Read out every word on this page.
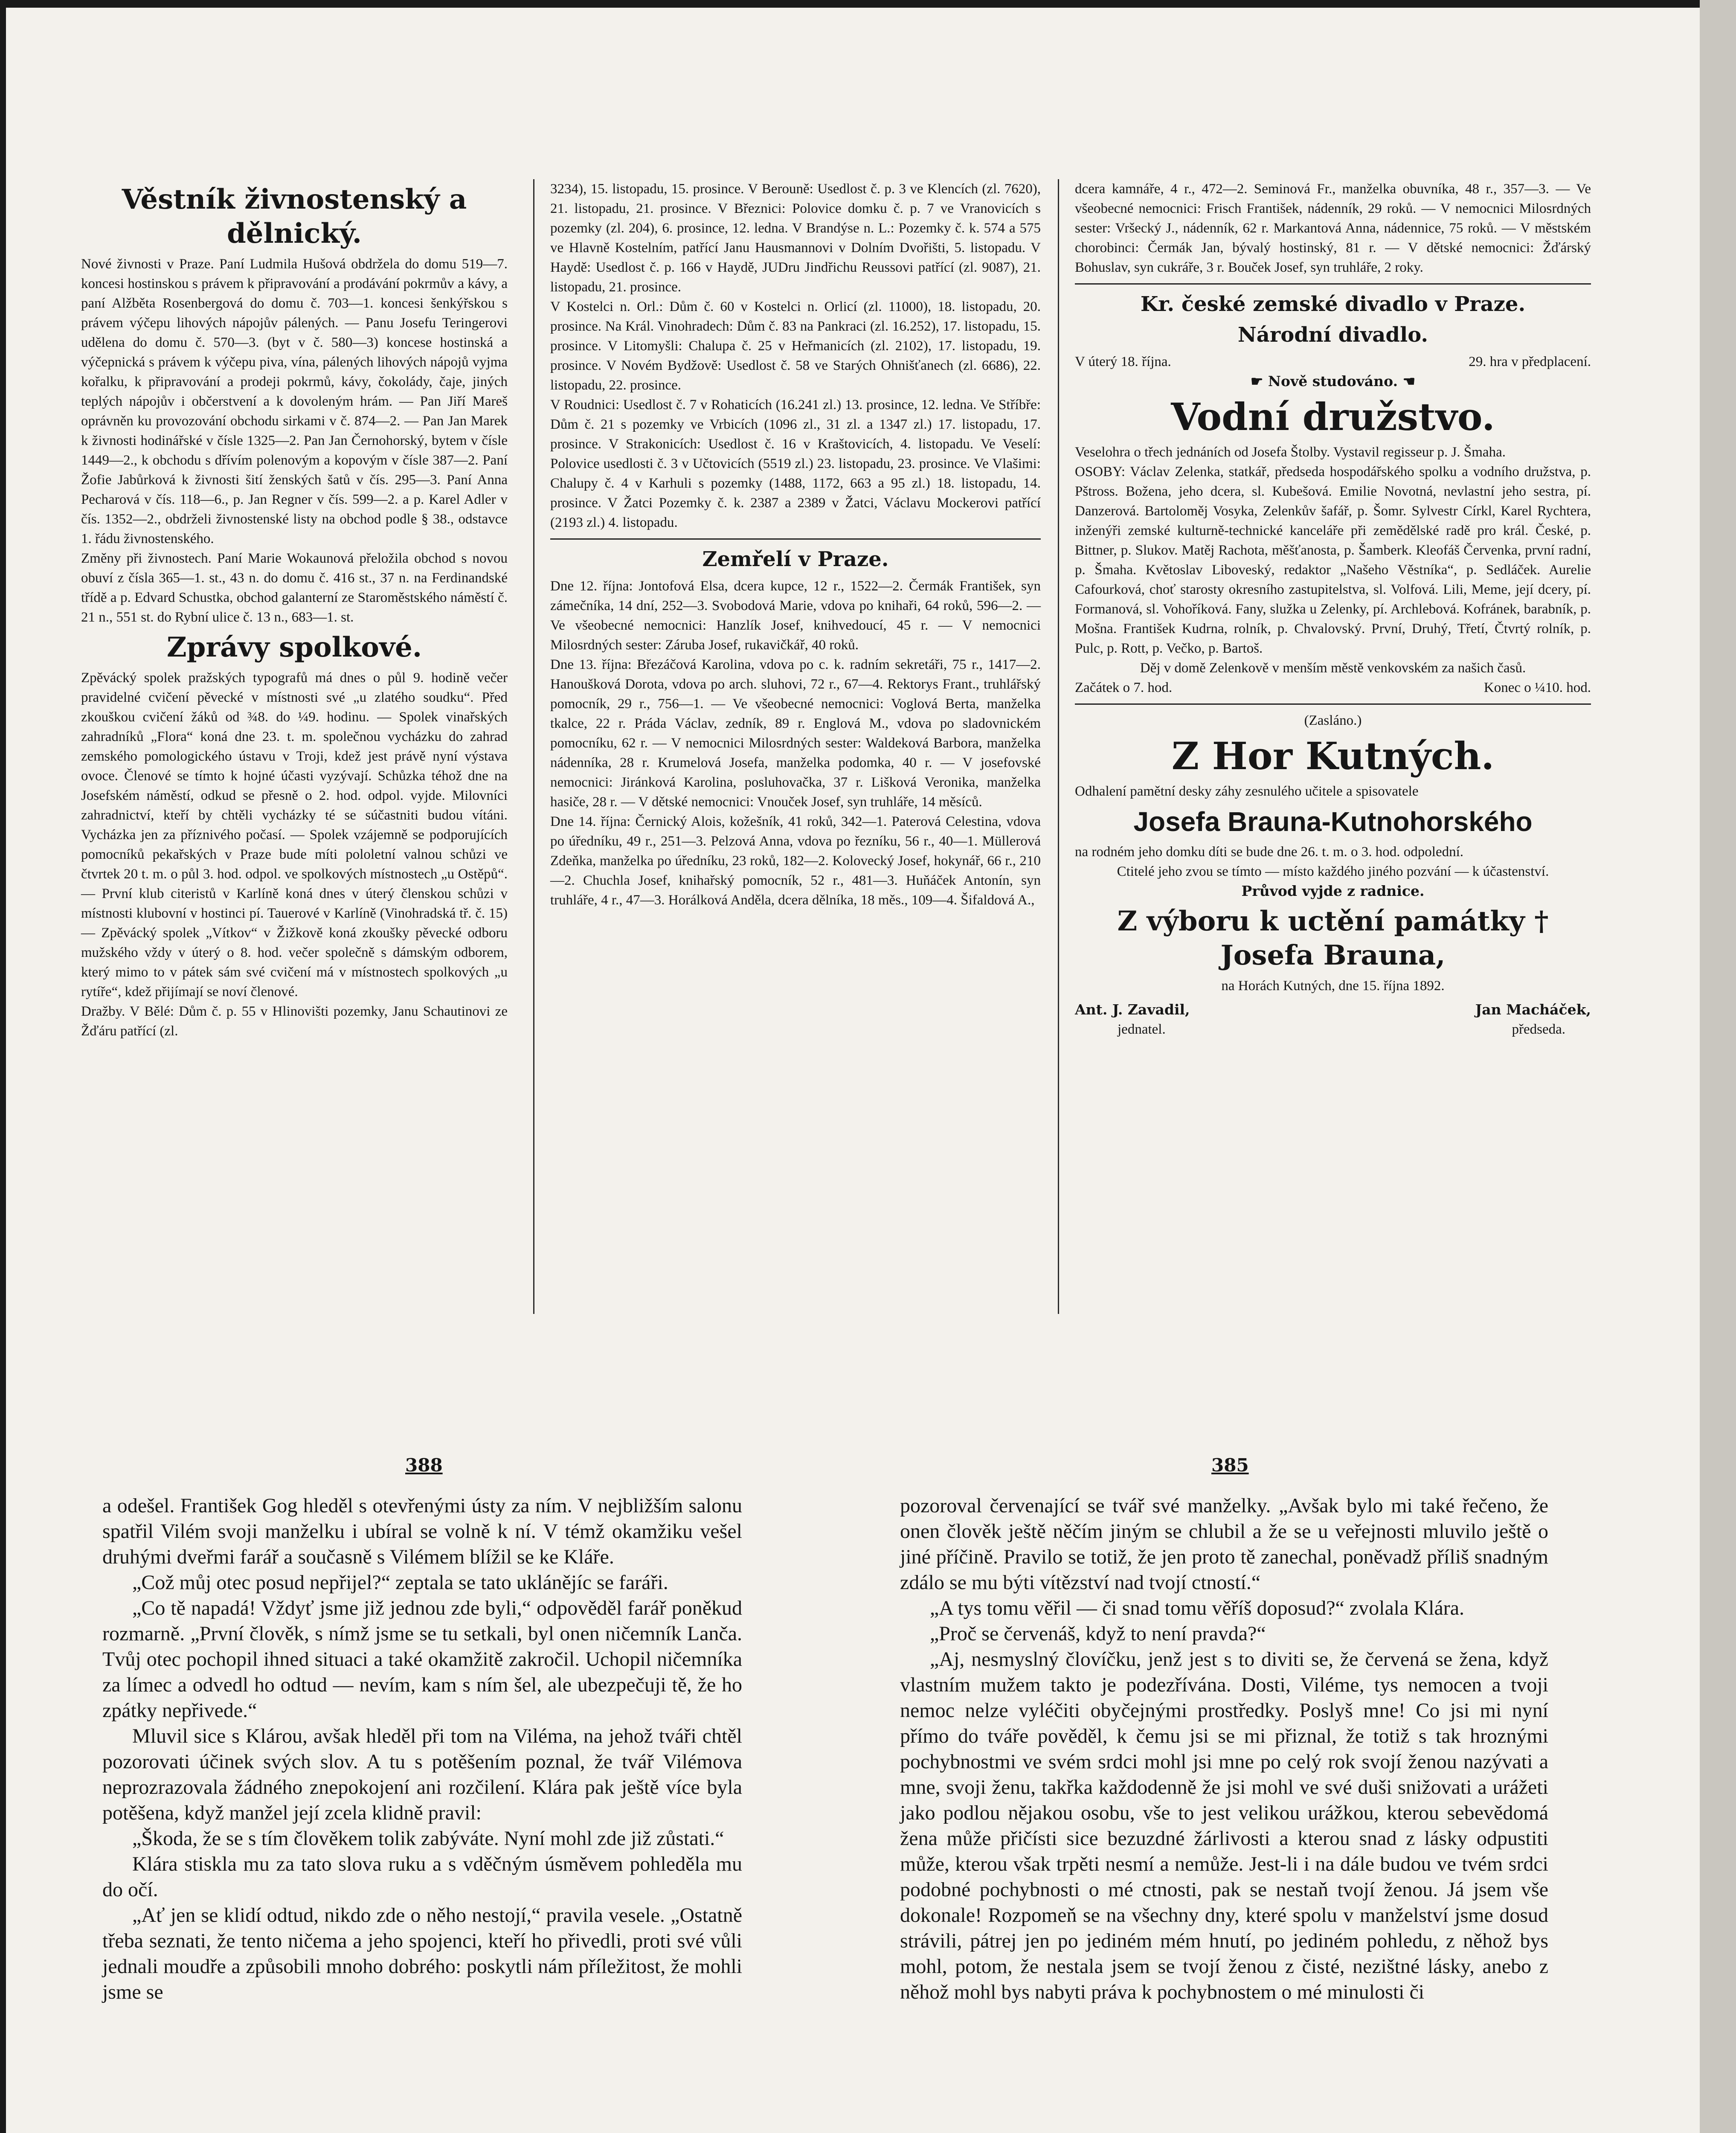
Věstník živnostenský a dělnický.

Nové živnosti v Praze. Paní Ludmila Hušová obdržela do domu 519—7. koncesi hostinskou s právem k připravování a prodávání pokrmův a kávy, a paní Alžběta Rosenbergová do domu č. 703—1. koncesi šenkýřskou s právem výčepu lihových nápojův pálených. — Panu Josefu Teringerovi udělena do domu č. 570—3. (byt v č. 580—3) koncese hostinská a výčepnická s právem k výčepu piva, vína, pálených lihových nápojů vyjma kořalku, k připravování a prodeji pokrmů, kávy, čokolády, čaje, jiných teplých nápojův i občerstvení a k dovoleným hrám. — Pan Jiří Mareš oprávněn ku provozování obchodu sirkami v č. 874—2. — Pan Jan Marek k živnosti hodinářské v čísle 1325—2. Pan Jan Černohorský, bytem v čísle 1449—2., k obchodu s dřívím polenovým a kopovým v čísle 387—2. Paní Žofie Jabůrková k živnosti šití ženských šatů v čís. 295—3. Paní Anna Pecharová v čís. 118—6., p. Jan Regner v čís. 599—2. a p. Karel Adler v čís. 1352—2., obdrželi živnostenské listy na obchod podle § 38., odstavce 1. řádu živnostenského.

Změny při živnostech. Paní Marie Wokaunová přeložila obchod s novou obuví z čísla 365—1. st., 43 n. do domu č. 416 st., 37 n. na Ferdinandské třídě a p. Edvard Schustka, obchod galanterní ze Staroměstského náměstí č. 21 n., 551 st. do Rybní ulice č. 13 n., 683—1. st.

Zprávy spolkové.

Zpěvácký spolek pražských typografů má dnes o půl 9. hodině večer pravidelné cvičení pěvecké v místnosti své „u zlatého soudku“. Před zkouškou cvičení žáků od ¾8. do ¼9. hodinu. — Spolek vinařských zahradníků „Flora“ koná dne 23. t. m. společnou vycházku do zahrad zemského pomologického ústavu v Troji, kdež jest právě nyní výstava ovoce. Členové se tímto k hojné účasti vyzývají. Schůzka téhož dne na Josefském náměstí, odkud se přesně o 2. hod. odpol. vyjde. Milovníci zahradnictví, kteří by chtěli vycházky té se súčastniti budou vítáni. Vycházka jen za příznivého počasí. — Spolek vzájemně se podporujících pomocníků pekařských v Praze bude míti pololetní valnou schůzi ve čtvrtek 20 t. m. o půl 3. hod. odpol. ve spolkových místnostech „u Ostěpů“. — První klub citeristů v Karlíně koná dnes v úterý členskou schůzi v místnosti klubovní v hostinci pí. Tauerové v Karlíně (Vinohradská tř. č. 15) — Zpěvácký spolek „Vítkov“ v Žižkově koná zkoušky pěvecké odboru mužského vždy v úterý o 8. hod. večer společně s dámským odborem, který mimo to v pátek sám své cvičení má v místnostech spolkových „u rytíře“, kdež přijímají se noví členové.

Dražby. V Bělé: Dům č. p. 55 v Hlinovišti pozemky, Janu Schautinovi ze Žďáru patřící (zl.

3234), 15. listopadu, 15. prosince. V Berouně: Usedlost č. p. 3 ve Klencích (zl. 7620), 21. listopadu, 21. prosince. V Březnici: Polovice domku č. p. 7 ve Vranovicích s pozemky (zl. 204), 6. prosince, 12. ledna. V Brandýse n. L.: Pozemky č. k. 574 a 575 ve Hlavně Kostelním, patřící Janu Hausmannovi v Dolním Dvořišti, 5. listopadu. V Haydě: Usedlost č. p. 166 v Haydě, JUDru Jindřichu Reussovi patřící (zl. 9087), 21. listopadu, 21. prosince.

V Kostelci n. Orl.: Dům č. 60 v Kostelci n. Orlicí (zl. 11000), 18. listopadu, 20. prosince. Na Král. Vinohradech: Dům č. 83 na Pankraci (zl. 16.252), 17. listopadu, 15. prosince. V Litomyšli: Chalupa č. 25 v Heřmanicích (zl. 2102), 17. listopadu, 19. prosince. V Novém Bydžově: Usedlost č. 58 ve Starých Ohnišťanech (zl. 6686), 22. listopadu, 22. prosince.

V Roudnici: Usedlost č. 7 v Rohaticích (16.241 zl.) 13. prosince, 12. ledna. Ve Stříbře: Dům č. 21 s pozemky ve Vrbicích (1096 zl., 31 zl. a 1347 zl.) 17. listopadu, 17. prosince. V Strakonicích: Usedlost č. 16 v Kraštovicích, 4. listopadu. Ve Veselí: Polovice usedlosti č. 3 v Učtovicích (5519 zl.) 23. listopadu, 23. prosince. Ve Vlašimi: Chalupy č. 4 v Karhuli s pozemky (1488, 1172, 663 a 95 zl.) 18. listopadu, 14. prosince. V Žatci Pozemky č. k. 2387 a 2389 v Žatci, Václavu Mockerovi patřící (2193 zl.) 4. listopadu.

Zemřelí v Praze.

Dne 12. října: Jontofová Elsa, dcera kupce, 12 r., 1522—2. Čermák František, syn zámečníka, 14 dní, 252—3. Svobodová Marie, vdova po knihaři, 64 roků, 596—2. — Ve všeobecné nemocnici: Hanzlík Josef, knihvedoucí, 45 r. — V nemocnici Milosrdných sester: Záruba Josef, rukavičkář, 40 roků.

Dne 13. října: Březáčová Karolina, vdova po c. k. radním sekretáři, 75 r., 1417—2. Hanoušková Dorota, vdova po arch. sluhovi, 72 r., 67—4. Rektorys Frant., truhlářský pomocník, 29 r., 756—1. — Ve všeobecné nemocnici: Voglová Berta, manželka tkalce, 22 r. Práda Václav, zedník, 89 r. Englová M., vdova po sladovnickém pomocníku, 62 r. — V nemocnici Milosrdných sester: Waldeková Barbora, manželka nádenníka, 28 r. Krumelová Josefa, manželka podomka, 40 r. — V josefovské nemocnici: Jiránková Karolina, posluhovačka, 37 r. Lišková Veronika, manželka hasiče, 28 r. — V dětské nemocnici: Vnouček Josef, syn truhláře, 14 měsíců.

Dne 14. října: Černický Alois, kožešník, 41 roků, 342—1. Paterová Celestina, vdova po úředníku, 49 r., 251—3. Pelzová Anna, vdova po řezníku, 56 r., 40—1. Müllerová Zdeňka, manželka po úředníku, 23 roků, 182—2. Kolovecký Josef, hokynář, 66 r., 210—2. Chuchla Josef, knihařský pomocník, 52 r., 481—3. Huňáček Antonín, syn truhláře, 4 r., 47—3. Horálková Anděla, dcera dělníka, 18 měs., 109—4. Šifaldová A.,

dcera kamnáře, 4 r., 472—2. Seminová Fr., manželka obuvníka, 48 r., 357—3. — Ve všeobecné nemocnici: Frisch František, nádenník, 29 roků. — V nemocnici Milosrdných sester: Vršecký J., nádenník, 62 r. Markantová Anna, nádennice, 75 roků. — V městském chorobinci: Čermák Jan, bývalý hostinský, 81 r. — V dětské nemocnici: Žďárský Bohuslav, syn cukráře, 3 r. Bouček Josef, syn truhláře, 2 roky.

Kr. české zemské divadlo v Praze.
Národní divadlo.
V úterý 18. října.	29. hra v předplacení.
☛ Nově studováno. ☚
Vodní družstvo.

Veselohra o třech jednáních od Josefa Štolby. Vystavil regisseur p. J. Šmaha.

OSOBY: Václav Zelenka, statkář, předseda hospodářského spolku a vodního družstva, p. Pštross. Božena, jeho dcera, sl. Kubešová. Emilie Novotná, nevlastní jeho sestra, pí. Danzerová. Bartoloměj Vosyka, Zelenkův šafář, p. Šomr. Sylvestr Církl, Karel Rychtera, inženýři zemské kulturně-technické kanceláře při zemědělské radě pro král. České, p. Bittner, p. Slukov. Matěj Rachota, měšťanosta, p. Šamberk. Kleofáš Červenka, první radní, p. Šmaha. Květoslav Liboveský, redaktor „Našeho Věstníka“, p. Sedláček. Aurelie Cafourková, choť starosty okresního zastupitelstva, sl. Volfová. Lili, Meme, její dcery, pí. Formanová, sl. Vohoříková. Fany, služka u Zelenky, pí. Archlebová. Kofránek, barabník, p. Mošna. František Kudrna, rolník, p. Chvalovský. První, Druhý, Třetí, Čtvrtý rolník, p. Pulc, p. Rott, p. Večko, p. Bartoš.

Děj v domě Zelenkově v menším městě venkovském za našich časů.

Začátek o 7. hod.	Konec o ¼10. hod.
(Zasláno.)
Z Hor Kutných.

Odhalení pamětní desky záhy zesnulého učitele a spisovatele

Josefa Brauna-Kutnohorského

na rodném jeho domku díti se bude dne 26. t. m. o 3. hod. odpolední.

Ctitelé jeho zvou se tímto — místo každého jiného pozvání — k účastenství.

Průvod vyjde z radnice.

Z výboru k uctění památky † Josefa Brauna,

na Horách Kutných, dne 15. října 1892.

Ant. J. Zavadil,	Jan Macháček,
jednatel.	předseda.
388	385

a odešel. František Gog hleděl s otevřenými ústy za ním. V nejbližším salonu spatřil Vilém svoji manželku i ubíral se volně k ní. V témž okamžiku vešel druhými dveřmi farář a současně s Vilémem blížil se ke Kláře.

„Což můj otec posud nepřijel?“ zeptala se tato uklánějíc se faráři.

„Co tě napadá! Vždyť jsme již jednou zde byli,“ odpověděl farář poněkud rozmarně. „První člověk, s nímž jsme se tu setkali, byl onen ničemník Lanča. Tvůj otec pochopil ihned situaci a také okamžitě zakročil. Uchopil ničemníka za límec a odvedl ho odtud — nevím, kam s ním šel, ale ubezpečuji tě, že ho zpátky nepřivede.“

Mluvil sice s Klárou, avšak hleděl při tom na Viléma, na jehož tváři chtěl pozorovati účinek svých slov. A tu s potěšením poznal, že tvář Vilémova neprozrazovala žádného znepokojení ani rozčilení. Klára pak ještě více byla potěšena, když manžel její zcela klidně pravil:

„Škoda, že se s tím člověkem tolik zabýváte. Nyní mohl zde již zůstati.“

Klára stiskla mu za tato slova ruku a s vděčným úsměvem pohleděla mu do očí.

„Ať jen se klidí odtud, nikdo zde o něho nestojí,“ pravila vesele. „Ostatně třeba seznati, že tento ničema a jeho spojenci, kteří ho přivedli, proti své vůli jednali moudře a způsobili mnoho dobrého: poskytli nám příležitost, že mohli jsme se

pozoroval červenající se tvář své manželky. „Avšak bylo mi také řečeno, že onen člověk ještě něčím jiným se chlubil a že se u veřejnosti mluvilo ještě o jiné příčině. Pravilo se totiž, že jen proto tě zanechal, poněvadž příliš snadným zdálo se mu býti vítězství nad tvojí ctností.“

„A tys tomu věřil — či snad tomu věříš doposud?“ zvolala Klára.

„Proč se červenáš, když to není pravda?“

„Aj, nesmyslný človíčku, jenž jest s to diviti se, že červená se žena, když vlastním mužem takto je podezřívána. Dosti, Viléme, tys nemocen a tvoji nemoc nelze vyléčiti obyčejnými prostředky. Poslyš mne! Co jsi mi nyní přímo do tváře pověděl, k čemu jsi se mi přiznal, že totiž s tak hroznými pochybnostmi ve svém srdci mohl jsi mne po celý rok svojí ženou nazývati a mne, svoji ženu, takřka každodenně že jsi mohl ve své duši snižovati a urážeti jako podlou nějakou osobu, vše to jest velikou urážkou, kterou sebevědomá žena může přičísti sice bezuzdné žárlivosti a kterou snad z lásky odpustiti může, kterou však trpěti nesmí a nemůže. Jest-li i na dále budou ve tvém srdci podobné pochybnosti o mé ctnosti, pak se nestaň tvojí ženou. Já jsem vše dokonale! Rozpomeň se na všechny dny, které spolu v manželství jsme dosud strávili, pátrej jen po jediném mém hnutí, po jediném pohledu, z něhož bys mohl, potom, že nestala jsem se tvojí ženou z čisté, nezištné lásky, anebo z něhož mohl bys nabyti práva k pochybnostem o mé minulosti či
